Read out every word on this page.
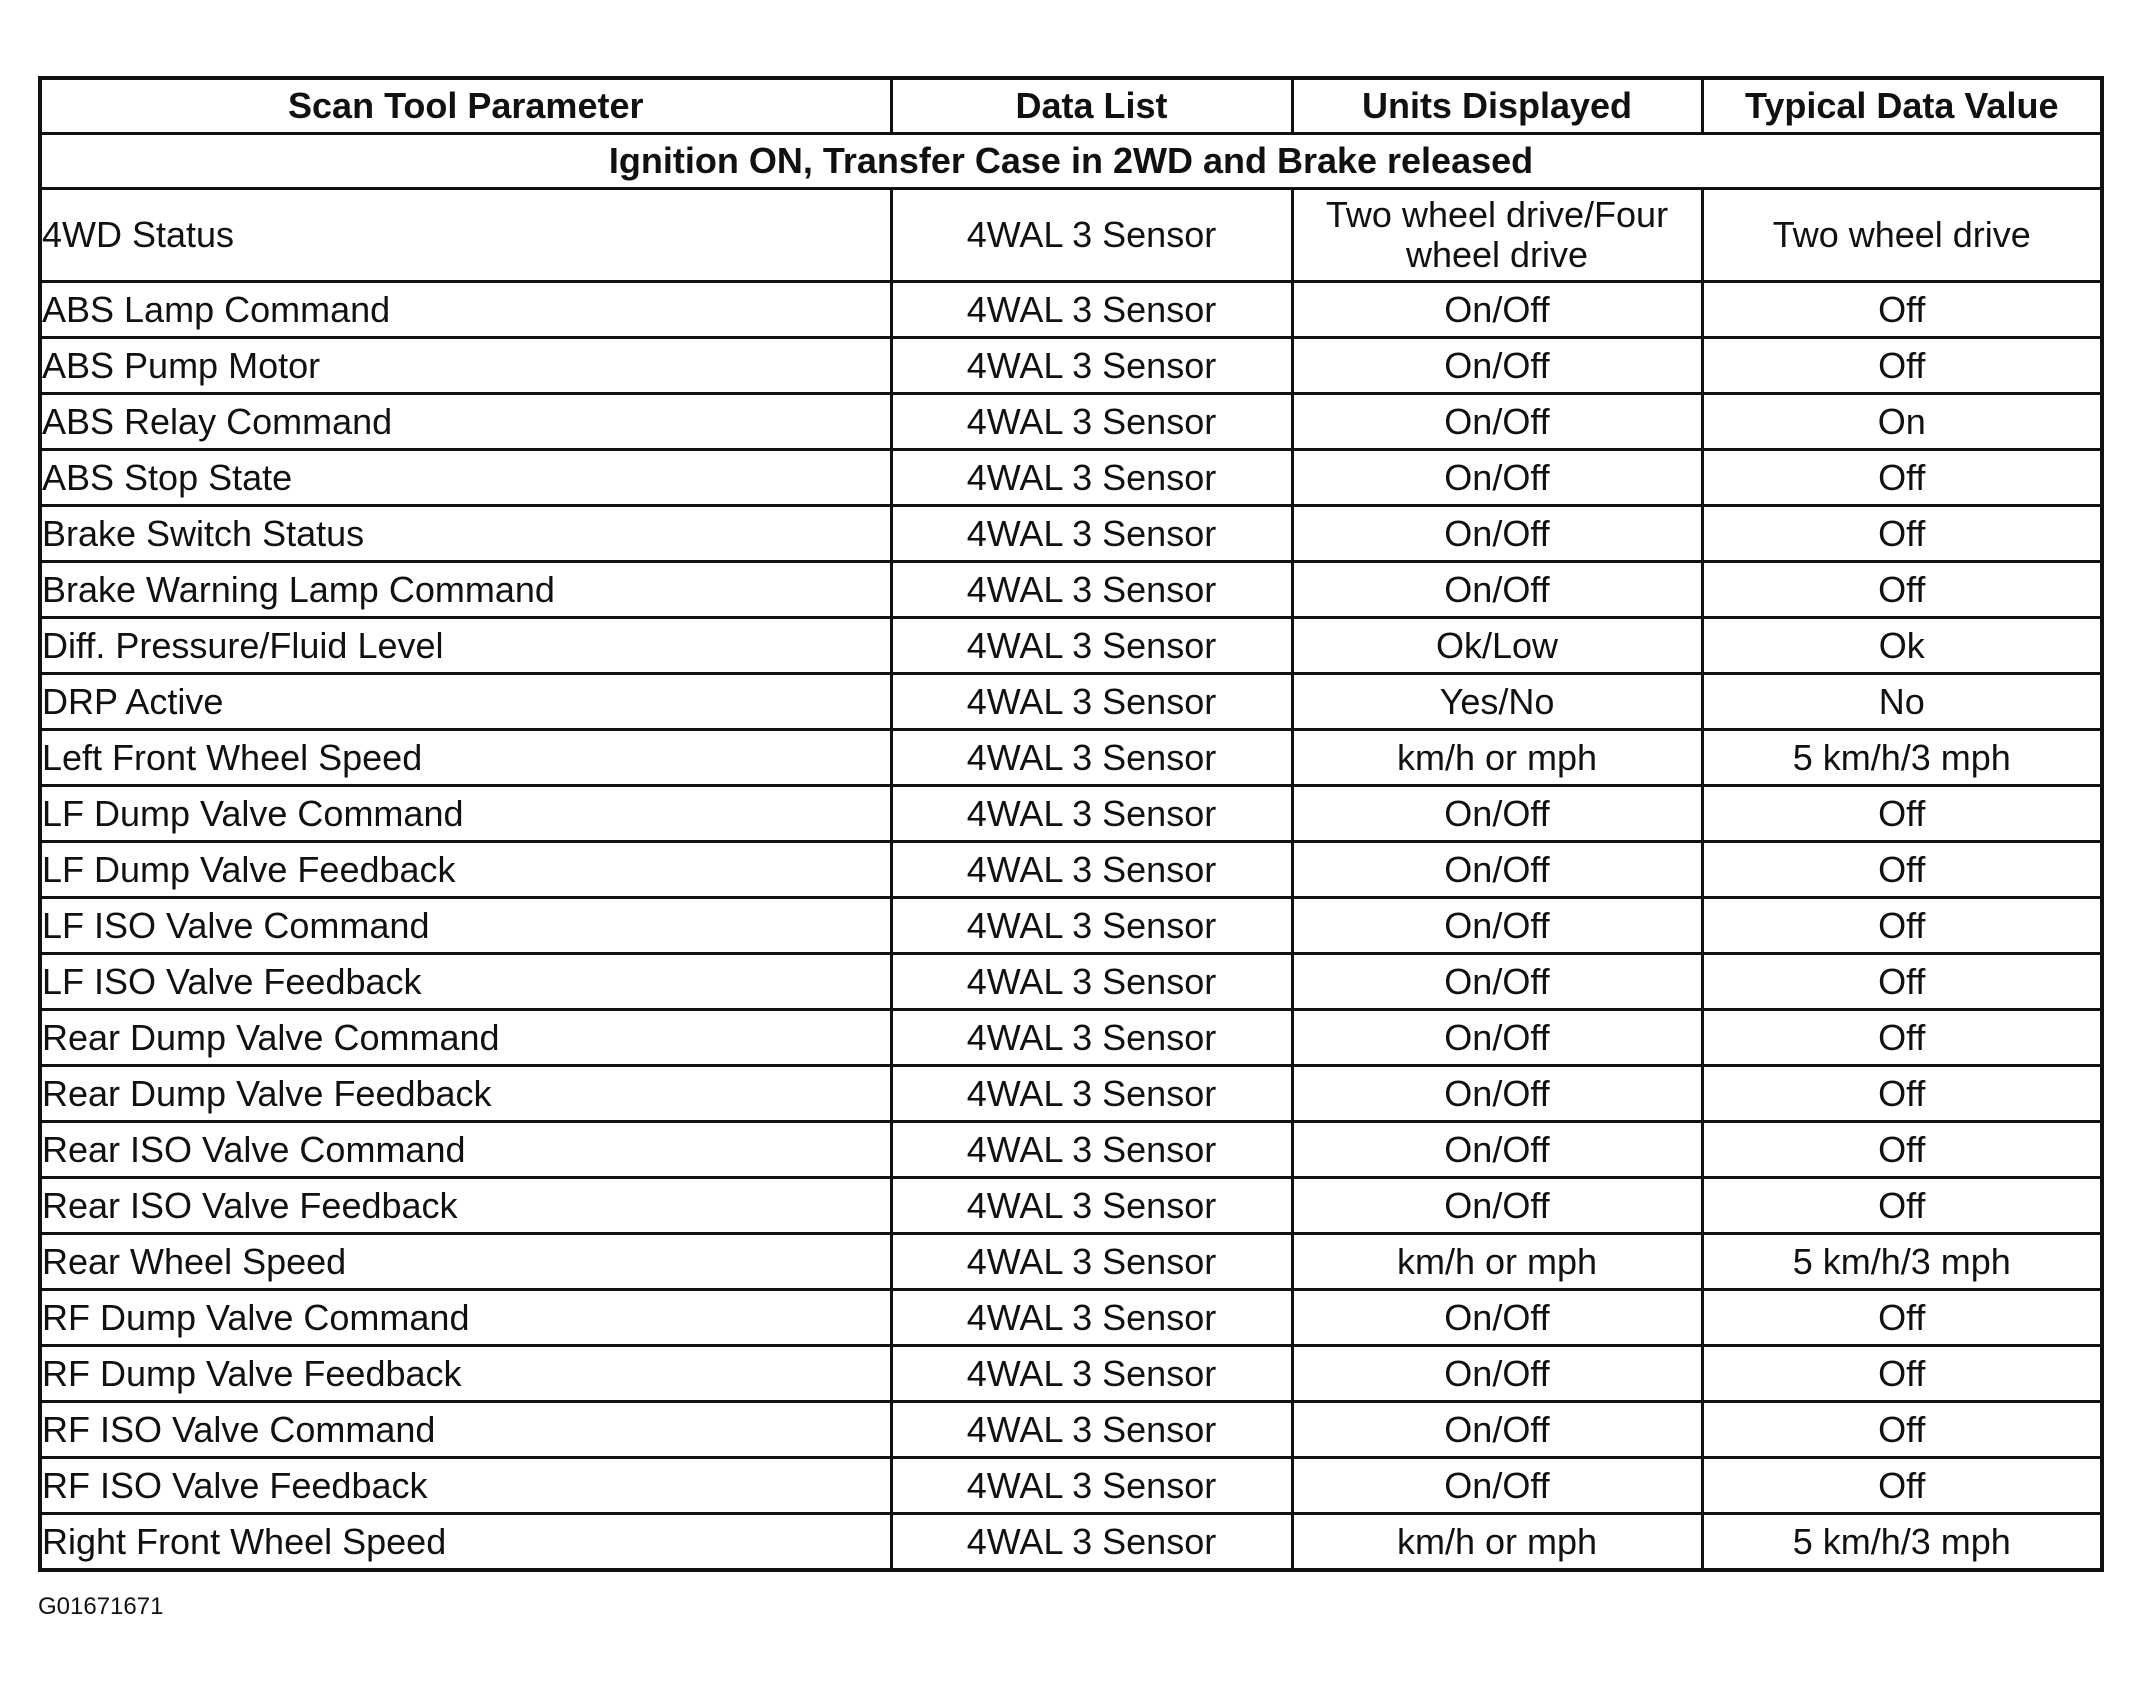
Scan Tool Parameter	Data List	Units Displayed	Typical Data Value
Ignition ON, Transfer Case in 2WD and Brake released			
4WD Status	4WAL 3 Sensor	Two wheel drive/Four wheel drive	Two wheel drive
ABS Lamp Command	4WAL 3 Sensor	On/Off	Off
ABS Pump Motor	4WAL 3 Sensor	On/Off	Off
ABS Relay Command	4WAL 3 Sensor	On/Off	On
ABS Stop State	4WAL 3 Sensor	On/Off	Off
Brake Switch Status	4WAL 3 Sensor	On/Off	Off
Brake Warning Lamp Command	4WAL 3 Sensor	On/Off	Off
Diff. Pressure/Fluid Level	4WAL 3 Sensor	Ok/Low	Ok
DRP Active	4WAL 3 Sensor	Yes/No	No
Left Front Wheel Speed	4WAL 3 Sensor	km/h or mph	5 km/h/3 mph
LF Dump Valve Command	4WAL 3 Sensor	On/Off	Off
LF Dump Valve Feedback	4WAL 3 Sensor	On/Off	Off
LF ISO Valve Command	4WAL 3 Sensor	On/Off	Off
LF ISO Valve Feedback	4WAL 3 Sensor	On/Off	Off
Rear Dump Valve Command	4WAL 3 Sensor	On/Off	Off
Rear Dump Valve Feedback	4WAL 3 Sensor	On/Off	Off
Rear ISO Valve Command	4WAL 3 Sensor	On/Off	Off
Rear ISO Valve Feedback	4WAL 3 Sensor	On/Off	Off
Rear Wheel Speed	4WAL 3 Sensor	km/h or mph	5 km/h/3 mph
RF Dump Valve Command	4WAL 3 Sensor	On/Off	Off
RF Dump Valve Feedback	4WAL 3 Sensor	On/Off	Off
RF ISO Valve Command	4WAL 3 Sensor	On/Off	Off
RF ISO Valve Feedback	4WAL 3 Sensor	On/Off	Off
Right Front Wheel Speed	4WAL 3 Sensor	km/h or mph	5 km/h/3 mph
G01671671
